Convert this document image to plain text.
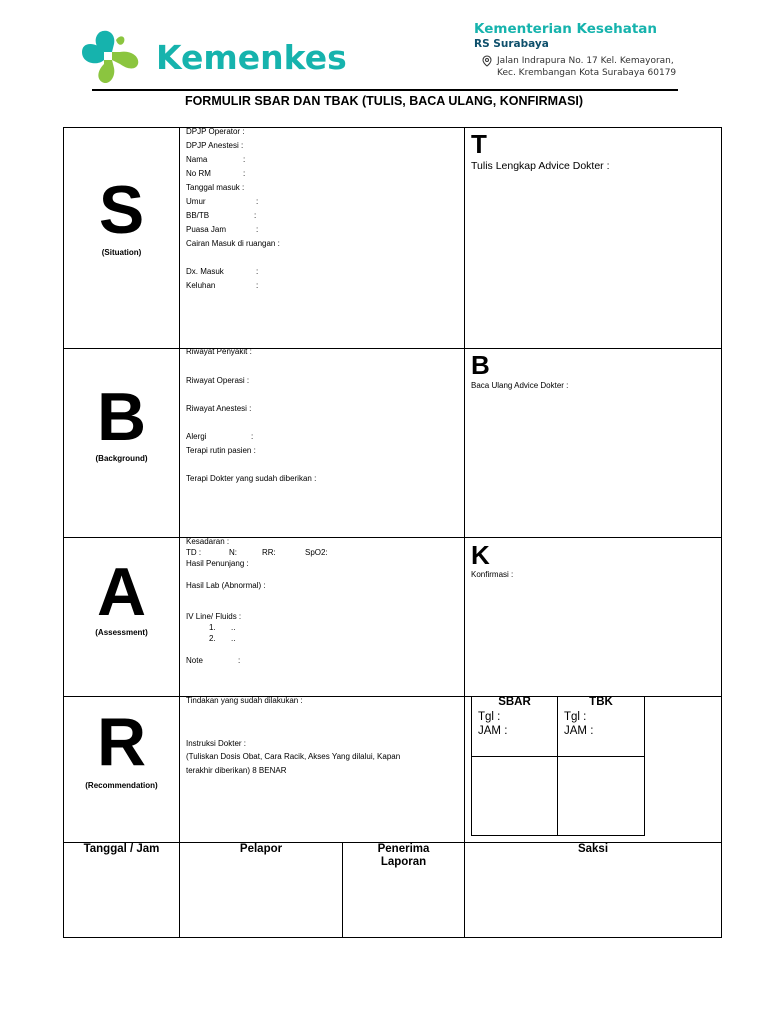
Kemenkes
Kementerian Kesehatan
RS Surabaya
Jalan Indrapura No. 17 Kel. Kemayoran,
Kec. Krembangan Kota Surabaya 60179
FORMULIR SBAR DAN TBAK (TULIS, BACA ULANG, KONFIRMASI)
S
(Situation)
DPJP Operator :
DPJP Anestesi :
Nama	:
No RM	:
Tanggal masuk :
Umur	:
BB/TB	:
Puasa Jam	:
Cairan Masuk di ruangan :
Dx. Masuk	:
Keluhan	:
T
Tulis Lengkap Advice Dokter :
B
(Background)
Riwayat Penyakit :
Riwayat Operasi :
Riwayat Anestesi :
Alergi	:
Terapi rutin pasien :
Terapi Dokter yang sudah diberikan :
B
Baca Ulang Advice Dokter :
A
(Assessment)
Kesadaran :
TD :	N:	RR:	SpO2:
Hasil Penunjang :
Hasil Lab (Abnormal) :
IV Line/ Fluids :
1. ..
2. ..
Note	:
K
Konfirmasi :
R
(Recommendation)
Tindakan yang sudah dilakukan :
Instruksi Dokter :
(Tuliskan Dosis Obat, Cara Racik, Akses Yang dilalui, Kapan
terakhir diberikan) 8 BENAR
SBAR	TBK
Tgl :
JAM :
Tgl :
JAM :
Tanggal / Jam	Pelapor	Penerima
Laporan
Saksi
